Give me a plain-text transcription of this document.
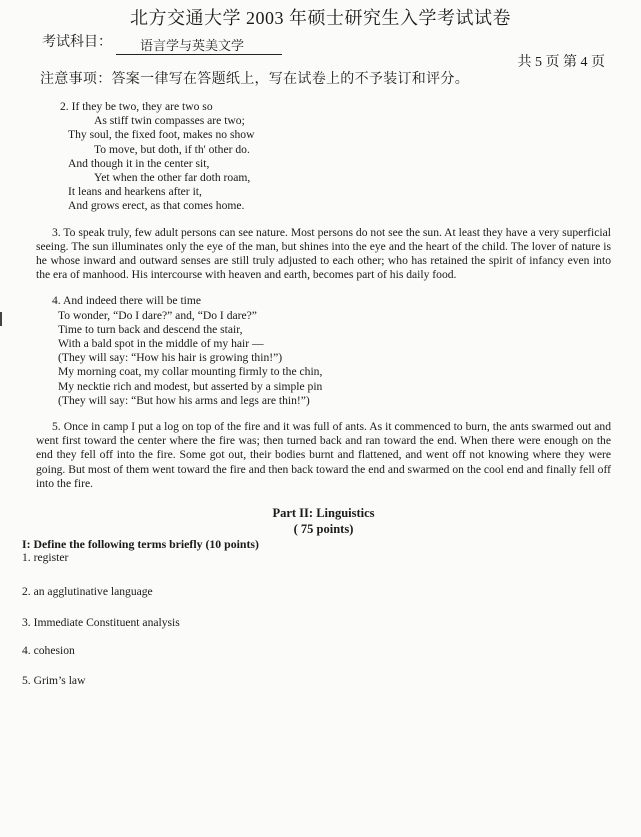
北方交通大学 2003 年硕士研究生入学考试试卷
考试科目：	语言学与英美文学
共 5 页 第 4 页
注意事项：答案一律写在答题纸上，写在试卷上的不予装订和评分。
2. If they be two, they are two so
As stiff twin compasses are two;
Thy soul, the fixed foot, makes no show
To move, but doth, if th' other do.
And though it in the center sit,
Yet when the other far doth roam,
It leans and hearkens after it,
And grows erect, as that comes home.

3. To speak truly, few adult persons can see nature. Most persons do not see the sun. At least they have a very superficial seeing. The sun illuminates only the eye of the man, but shines into the eye and the heart of the child. The lover of nature is he whose inward and outward senses are still truly adjusted to each other; who has retained the spirit of infancy even into the era of manhood. His intercourse with heaven and earth, becomes part of his daily food.

4. And indeed there will be time
To wonder, “Do I dare?” and, “Do I dare?”
Time to turn back and descend the stair,
With a bald spot in the middle of my hair —
(They will say: “How his hair is growing thin!”)
My morning coat, my collar mounting firmly to the chin,
My necktie rich and modest, but asserted by a simple pin
(They will say: “But how his arms and legs are thin!”)

5. Once in camp I put a log on top of the fire and it was full of ants. As it commenced to burn, the ants swarmed out and went first toward the center where the fire was; then turned back and ran toward the end. When there were enough on the end they fell off into the fire. Some got out, their bodies burnt and flattened, and went off not knowing where they were going. But most of them went toward the fire and then back toward the end and swarmed on the cool end and finally fell off into the fire.

Part II: Linguistics
( 75 points)
I: Define the following terms briefly (10 points)
1. register
2. an agglutinative language
3. Immediate Constituent analysis
4. cohesion
5. Grim’s law
